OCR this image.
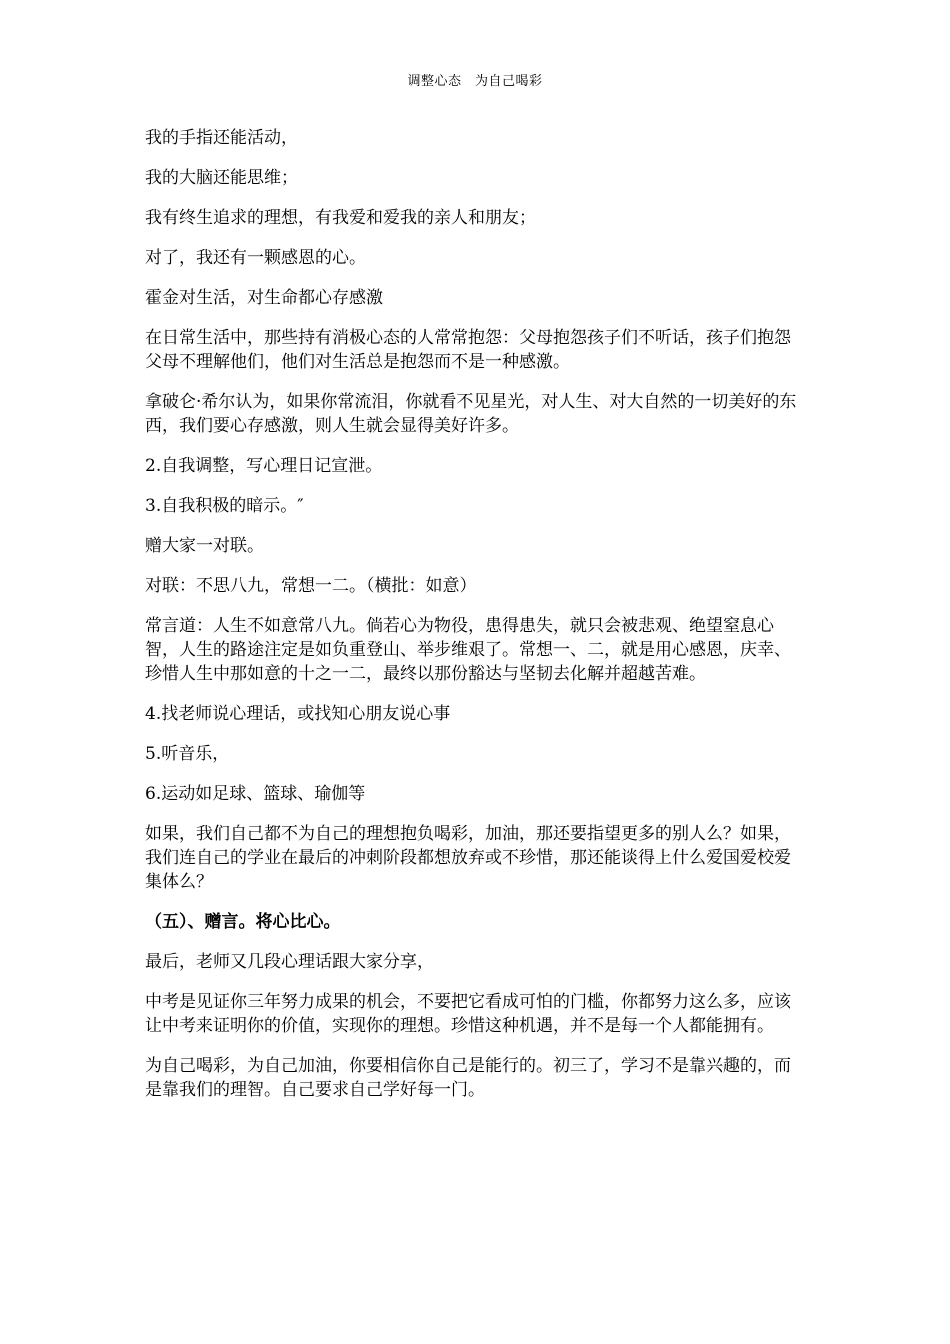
调整心态　为自己喝彩

我的手指还能活动，

我的大脑还能思维；

我有终生追求的理想，有我爱和爱我的亲人和朋友；

对了，我还有一颗感恩的心。

霍金对生活，对生命都心存感激

在日常生活中，那些持有消极心态的人常常抱怨：父母抱怨孩子们不听话，孩子们抱怨父母不理解他们，他们对生活总是抱怨而不是一种感激。

拿破仑·希尔认为，如果你常流泪，你就看不见星光，对人生、对大自然的一切美好的东西，我们要心存感激，则人生就会显得美好许多。

2.自我调整，写心理日记宣泄。

3.自我积极的暗示。″

赠大家一对联。

对联：不思八九，常想一二。（横批：如意）

常言道：人生不如意常八九。倘若心为物役，患得患失，就只会被悲观、绝望窒息心智，人生的路途注定是如负重登山、举步维艰了。常想一、二，就是用心感恩，庆幸、珍惜人生中那如意的十之一二，最终以那份豁达与坚韧去化解并超越苦难。

4.找老师说心理话，或找知心朋友说心事

5.听音乐，

6.运动如足球、篮球、瑜伽等

如果，我们自己都不为自己的理想抱负喝彩，加油，那还要指望更多的别人么？如果，我们连自己的学业在最后的冲刺阶段都想放弃或不珍惜，那还能谈得上什么爱国爱校爱集体么？

（五）、赠言。将心比心。

最后，老师又几段心理话跟大家分享，

中考是见证你三年努力成果的机会，不要把它看成可怕的门槛，你都努力这么多，应该让中考来证明你的价值，实现你的理想。珍惜这种机遇，并不是每一个人都能拥有。

为自己喝彩，为自己加油，你要相信你自己是能行的。初三了，学习不是靠兴趣的，而是靠我们的理智。自己要求自己学好每一门。
